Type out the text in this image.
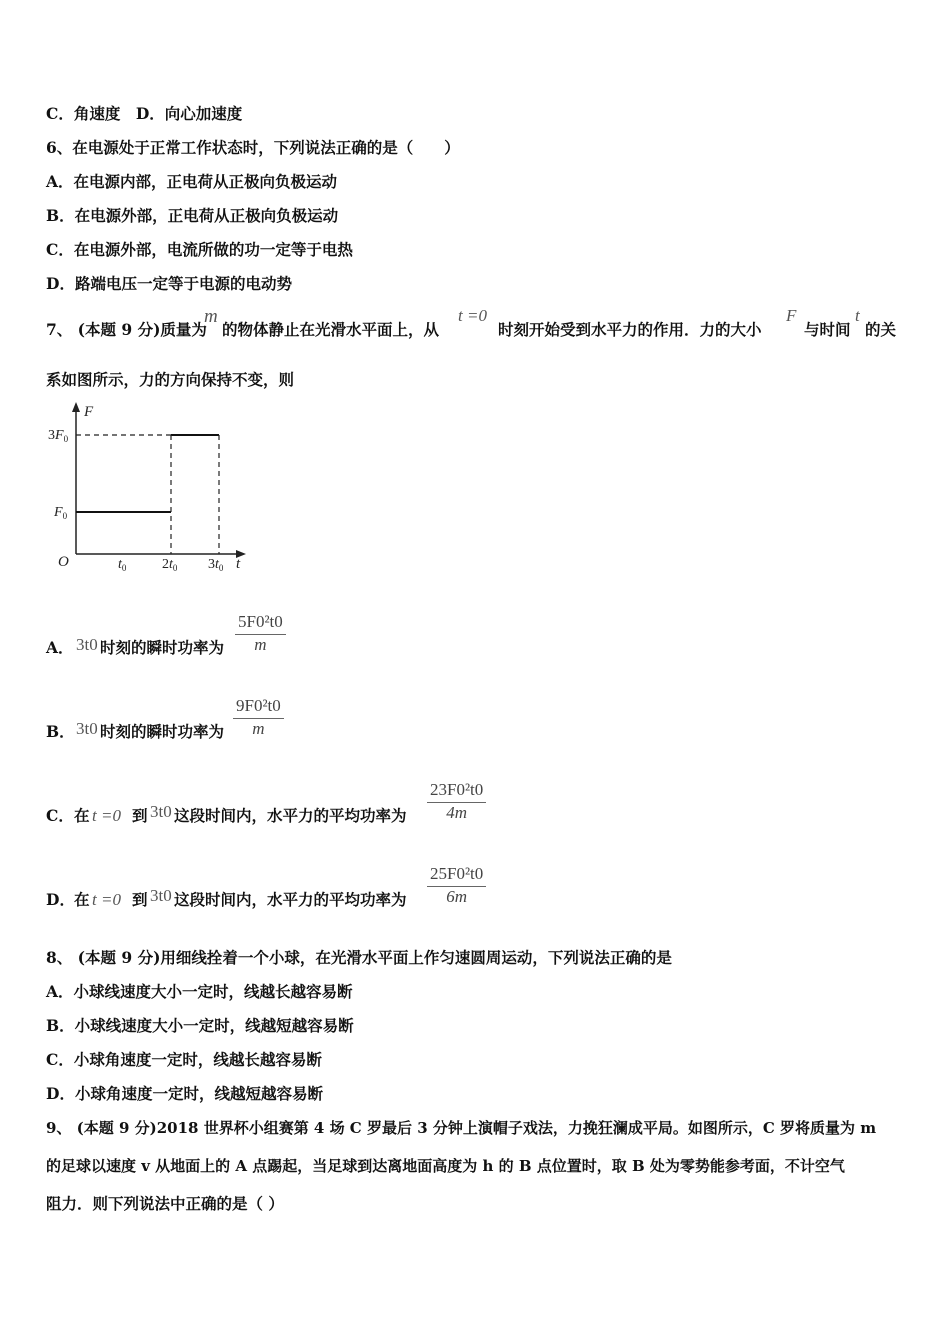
C．角速度　D．向心加速度
6、在电源处于正常工作状态时，下列说法正确的是（　　）
A．在电源内部，正电荷从正极向负极运动
B．在电源外部，正电荷从正极向负极运动
C．在电源外部，电流所做的功一定等于电热
D．路端电压一定等于电源的电动势
7、 (本题 9 分)质量为
m
的物体静止在光滑水平面上，从
t =0
时刻开始受到水平力的作用．力的大小
F
与时间
t
的关
系如图所示，力的方向保持不变，则
F
t
O
$3F_0$
$F_0$
$t_0$	$2t_0$ $3t_0$
A． 3t0 时刻的瞬时功率为
5F0²t0
m
B． 3t0 时刻的瞬时功率为
9F0²t0
m
C． 在 t =0 到 3t0 这段时间内，水平力的平均功率为
23F0²t0
4m
D． 在 t =0 到 3t0 这段时间内，水平力的平均功率为
25F0²t0
6m
8、 (本题 9 分)用细线拴着一个小球，在光滑水平面上作匀速圆周运动，下列说法正确的是
A．小球线速度大小一定时，线越长越容易断
B．小球线速度大小一定时，线越短越容易断
C．小球角速度一定时，线越长越容易断
D．小球角速度一定时，线越短越容易断
9、 (本题 9 分)2018 世界杯小组赛第 4 场 C 罗最后 3 分钟上演帽子戏法，力挽狂澜成平局。如图所示，C 罗将质量为 m
的足球以速度 v 从地面上的 A 点踢起，当足球到达离地面高度为 h 的 B 点位置时，取 B 处为零势能参考面，不计空气
阻力．则下列说法中正确的是（ ）
